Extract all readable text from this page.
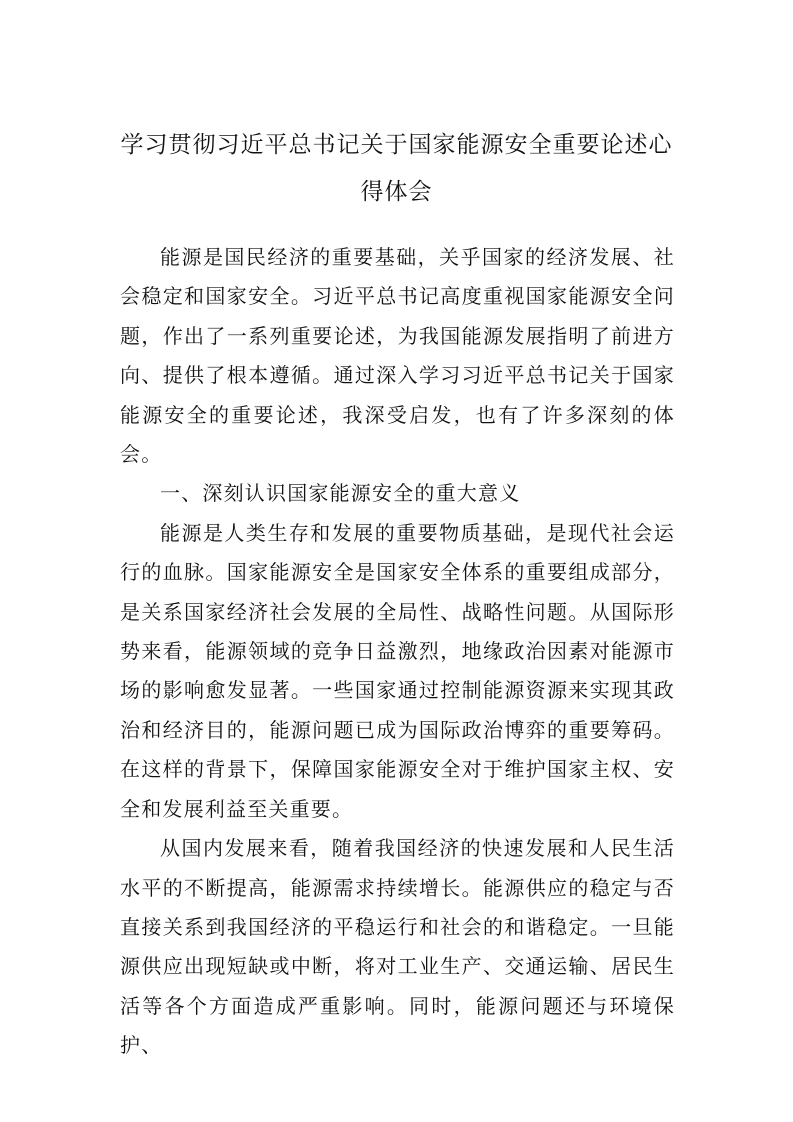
学习贯彻习近平总书记关于国家能源安全重要论述心得体会

能源是国民经济的重要基础，关乎国家的经济发展、社会稳定和国家安全。习近平总书记高度重视国家能源安全问题，作出了一系列重要论述，为我国能源发展指明了前进方向、提供了根本遵循。通过深入学习习近平总书记关于国家能源安全的重要论述，我深受启发，也有了许多深刻的体会。

一、深刻认识国家能源安全的重大意义

能源是人类生存和发展的重要物质基础，是现代社会运行的血脉。国家能源安全是国家安全体系的重要组成部分，是关系国家经济社会发展的全局性、战略性问题。从国际形势来看，能源领域的竞争日益激烈，地缘政治因素对能源市场的影响愈发显著。一些国家通过控制能源资源来实现其政治和经济目的，能源问题已成为国际政治博弈的重要筹码。在这样的背景下，保障国家能源安全对于维护国家主权、安全和发展利益至关重要。

从国内发展来看，随着我国经济的快速发展和人民生活水平的不断提高，能源需求持续增长。能源供应的稳定与否直接关系到我国经济的平稳运行和社会的和谐稳定。一旦能源供应出现短缺或中断，将对工业生产、交通运输、居民生活等各个方面造成严重影响。同时，能源问题还与环境保护、
